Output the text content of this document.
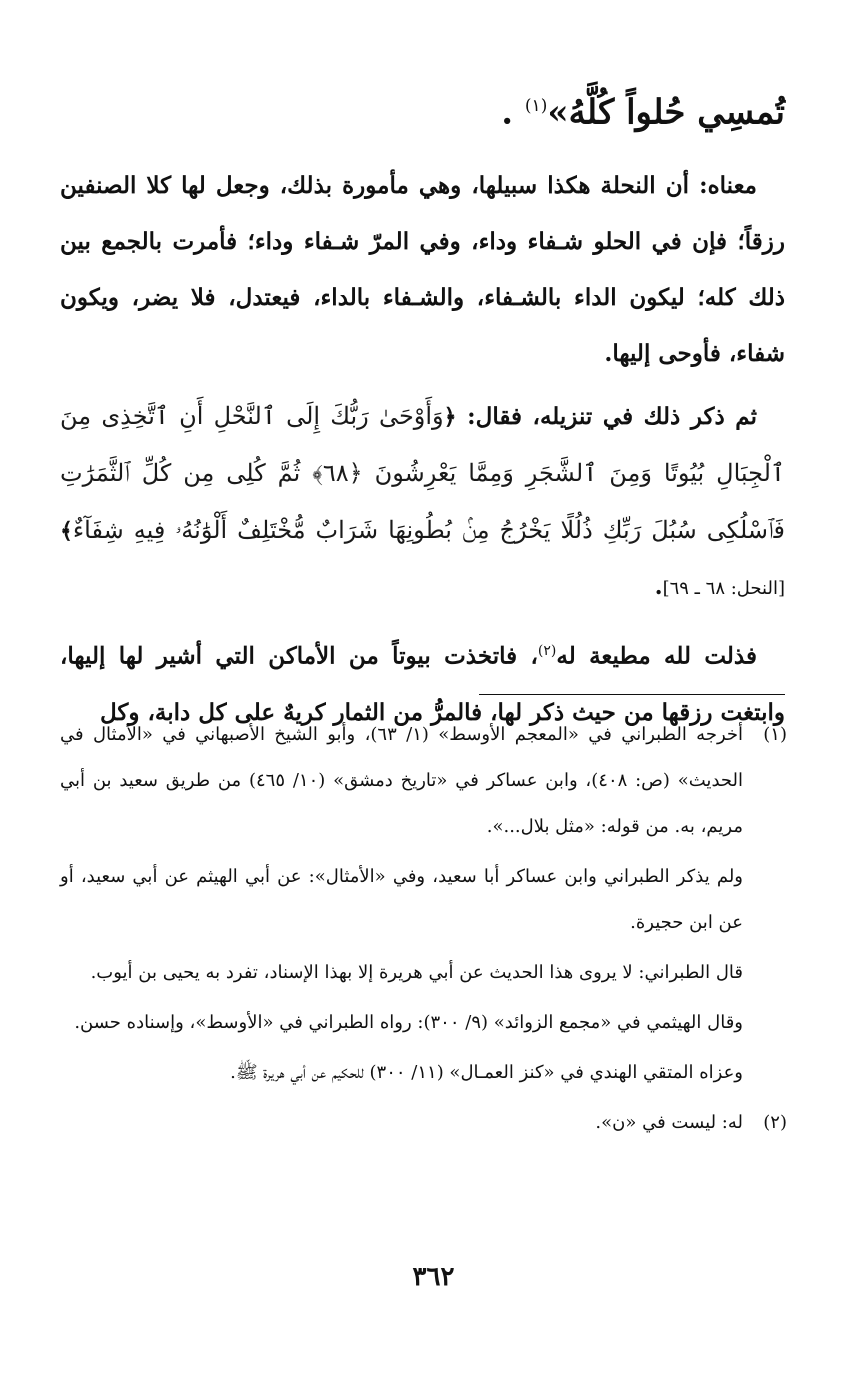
تُمسِي حُلواً كُلَّهُ»$^{(١)}$ .

معناه: أن النحلة هكذا سبيلها، وهي مأمورة بذلك، وجعل لها كلا الصنفين رزقاً؛ فإن في الحلو شـفاء وداء، وفي المرّ شـفاء وداء؛ فأمرت بالجمع بين ذلك كله؛ ليكون الداء بالشـفاء، والشـفاء بالداء، فيعتدل، فلا يضر، ويكون شفاء، فأوحى إليها.

ثم ذكر ذلك في تنزيله، فقال: ﴿وَأَوْحَىٰ رَبُّكَ إِلَى ٱلنَّحْلِ أَنِ ٱتَّخِذِى مِنَ ٱلْجِبَالِ بُيُوتًا وَمِنَ ٱلشَّجَرِ وَمِمَّا يَعْرِشُونَ ﴿٦٨﴾ ثُمَّ كُلِى مِن كُلِّ ٱلثَّمَرَٰتِ فَٱسْلُكِى سُبُلَ رَبِّكِ ذُلُلًا يَخْرُجُ مِنۢ بُطُونِهَا شَرَابٌ مُّخْتَلِفٌ أَلْوَٰنُهُۥ فِيهِ شِفَآءٌ﴾[النحل: ٦٨ ـ ٦٩].

فذلت لله مطيعة له$^{(٢)}$، فاتخذت بيوتاً من الأماكن التي أشير لها إليها، وابتغت رزقها من حيث ذكر لها، فالمرُّ من الثمار كريهٌ على كل دابة، وكل

(١)

أخرجه الطبراني في «المعجم الأوسط» (١/ ٦٣)، وأبو الشيخ الأصبهاني في «الأمثال في الحديث» (ص: ٤٠٨)، وابن عساكر في «تاريخ دمشق» (١٠/ ٤٦٥) من طريق سعيد بن أبي مريم، به. من قوله: «مثل بلال...».

ولم يذكر الطبراني وابن عساكر أبا سعيد، وفي «الأمثال»: عن أبي الهيثم عن أبي سعيد، أو عن ابن حجيرة.

قال الطبراني: لا يروى هذا الحديث عن أبي هريرة إلا بهذا الإسناد، تفرد به يحيى بن أيوب.

وقال الهيثمي في «مجمع الزوائد» (٩/ ٣٠٠): رواه الطبراني في «الأوسط»، وإسناده حسن.

وعزاه المتقي الهندي في «كنز العمـال» (١١/ ٣٠٠) للحكيم عن أبي هريرة ﷺ.

(٢)

له: ليست في «ن».

٣٦٢
